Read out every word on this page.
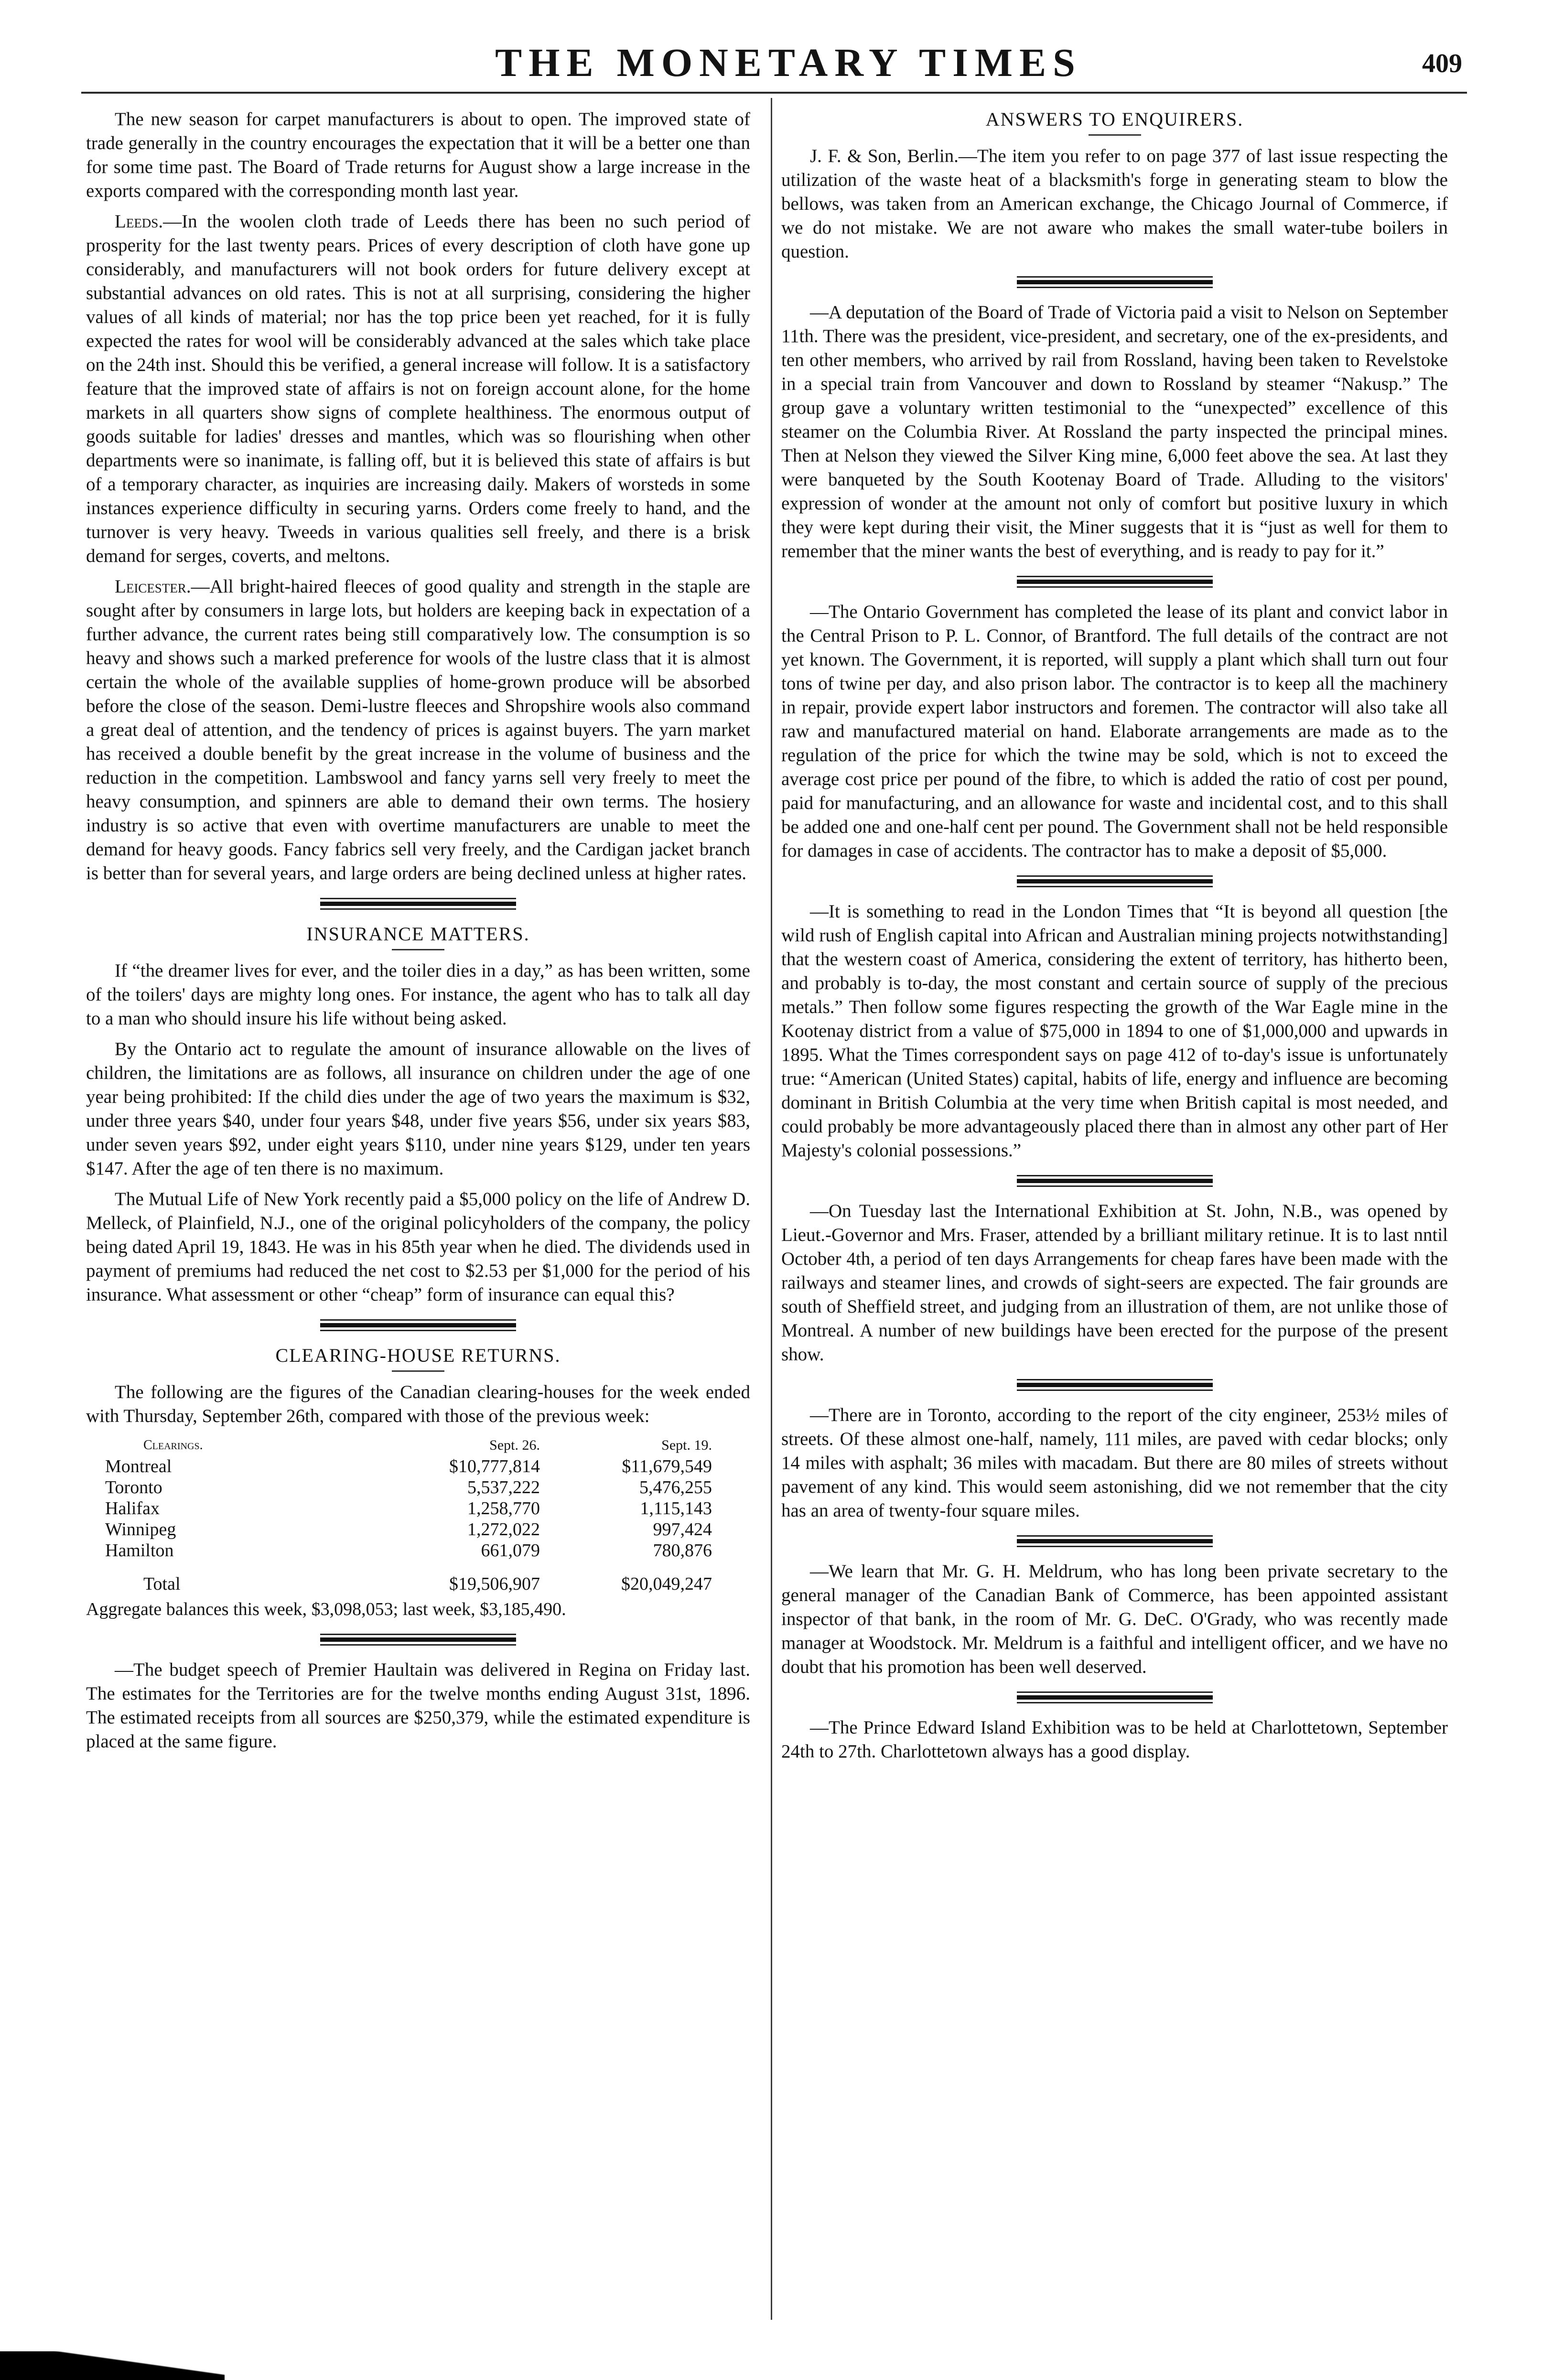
THE MONETARY TIMES	409

The new season for carpet manufacturers is about to open. The improved state of trade generally in the country encourages the expectation that it will be a better one than for some time past. The Board of Trade returns for August show a large increase in the exports compared with the corresponding month last year.

Leeds.—In the woolen cloth trade of Leeds there has been no such period of prosperity for the last twenty pears. Prices of every description of cloth have gone up considerably, and manufacturers will not book orders for future delivery except at substantial advances on old rates. This is not at all surprising, considering the higher values of all kinds of material; nor has the top price been yet reached, for it is fully expected the rates for wool will be considerably advanced at the sales which take place on the 24th inst. Should this be verified, a general increase will follow. It is a satisfactory feature that the improved state of affairs is not on foreign account alone, for the home markets in all quarters show signs of complete healthiness. The enormous output of goods suitable for ladies' dresses and mantles, which was so flourishing when other departments were so inanimate, is falling off, but it is believed this state of affairs is but of a temporary character, as inquiries are increasing daily. Makers of worsteds in some instances experience difficulty in securing yarns. Orders come freely to hand, and the turnover is very heavy. Tweeds in various qualities sell freely, and there is a brisk demand for serges, coverts, and meltons.

Leicester.—All bright-haired fleeces of good quality and strength in the staple are sought after by consumers in large lots, but holders are keeping back in expectation of a further advance, the current rates being still comparatively low. The consumption is so heavy and shows such a marked preference for wools of the lustre class that it is almost certain the whole of the available supplies of home-grown produce will be absorbed before the close of the season. Demi-lustre fleeces and Shropshire wools also command a great deal of attention, and the tendency of prices is against buyers. The yarn market has received a double benefit by the great increase in the volume of business and the reduction in the competition. Lambswool and fancy yarns sell very freely to meet the heavy consumption, and spinners are able to demand their own terms. The hosiery industry is so active that even with overtime manufacturers are unable to meet the demand for heavy goods. Fancy fabrics sell very freely, and the Cardigan jacket branch is better than for several years, and large orders are being declined unless at higher rates.

INSURANCE MATTERS.

If “the dreamer lives for ever, and the toiler dies in a day,” as has been written, some of the toilers' days are mighty long ones. For instance, the agent who has to talk all day to a man who should insure his life without being asked.

By the Ontario act to regulate the amount of insurance allowable on the lives of children, the limitations are as follows, all insurance on children under the age of one year being prohibited: If the child dies under the age of two years the maximum is $32, under three years $40, under four years $48, under five years $56, under six years $83, under seven years $92, under eight years $110, under nine years $129, under ten years $147. After the age of ten there is no maximum.

The Mutual Life of New York recently paid a $5,000 policy on the life of Andrew D. Melleck, of Plainfield, N.J., one of the original policyholders of the company, the policy being dated April 19, 1843. He was in his 85th year when he died. The dividends used in payment of premiums had reduced the net cost to $2.53 per $1,000 for the period of his insurance. What assessment or other “cheap” form of insurance can equal this?

CLEARING-HOUSE RETURNS.

The following are the figures of the Canadian clearing-houses for the week ended with Thursday, September 26th, compared with those of the previous week:

Clearings.	Sept. 26.	Sept. 19.
Montreal	$10,777,814	$11,679,549
Toronto	5,537,222	5,476,255
Halifax	1,258,770	1,115,143
Winnipeg	1,272,022	997,424
Hamilton	661,079	780,876
Total	$19,506,907	$20,049,247

Aggregate balances this week, $3,098,053; last week, $3,185,490.

—The budget speech of Premier Haultain was delivered in Regina on Friday last. The estimates for the Territories are for the twelve months ending August 31st, 1896. The estimated receipts from all sources are $250,379, while the estimated expenditure is placed at the same figure.

ANSWERS TO ENQUIRERS.

J. F. & Son, Berlin.—The item you refer to on page 377 of last issue respecting the utilization of the waste heat of a blacksmith's forge in generating steam to blow the bellows, was taken from an American exchange, the Chicago Journal of Commerce, if we do not mistake. We are not aware who makes the small water-tube boilers in question.

—A deputation of the Board of Trade of Victoria paid a visit to Nelson on September 11th. There was the president, vice-president, and secretary, one of the ex-presidents, and ten other members, who arrived by rail from Rossland, having been taken to Revelstoke in a special train from Vancouver and down to Rossland by steamer “Nakusp.” The group gave a voluntary written testimonial to the “unexpected” excellence of this steamer on the Columbia River. At Rossland the party inspected the principal mines. Then at Nelson they viewed the Silver King mine, 6,000 feet above the sea. At last they were banqueted by the South Kootenay Board of Trade. Alluding to the visitors' expression of wonder at the amount not only of comfort but positive luxury in which they were kept during their visit, the Miner suggests that it is “just as well for them to remember that the miner wants the best of everything, and is ready to pay for it.”

—The Ontario Government has completed the lease of its plant and convict labor in the Central Prison to P. L. Connor, of Brantford. The full details of the contract are not yet known. The Government, it is reported, will supply a plant which shall turn out four tons of twine per day, and also prison labor. The contractor is to keep all the machinery in repair, provide expert labor instructors and foremen. The contractor will also take all raw and manufactured material on hand. Elaborate arrangements are made as to the regulation of the price for which the twine may be sold, which is not to exceed the average cost price per pound of the fibre, to which is added the ratio of cost per pound, paid for manufacturing, and an allowance for waste and incidental cost, and to this shall be added one and one-half cent per pound. The Government shall not be held responsible for damages in case of accidents. The contractor has to make a deposit of $5,000.

—It is something to read in the London Times that “It is beyond all question [the wild rush of English capital into African and Australian mining projects notwithstanding] that the western coast of America, considering the extent of territory, has hitherto been, and probably is to-day, the most constant and certain source of supply of the precious metals.” Then follow some figures respecting the growth of the War Eagle mine in the Kootenay district from a value of $75,000 in 1894 to one of $1,000,000 and upwards in 1895. What the Times correspondent says on page 412 of to-day's issue is unfortunately true: “American (United States) capital, habits of life, energy and influence are becoming dominant in British Columbia at the very time when British capital is most needed, and could probably be more advantageously placed there than in almost any other part of Her Majesty's colonial possessions.”

—On Tuesday last the International Exhibition at St. John, N.B., was opened by Lieut.-Governor and Mrs. Fraser, attended by a brilliant military retinue. It is to last nntil October 4th, a period of ten days Arrangements for cheap fares have been made with the railways and steamer lines, and crowds of sight-seers are expected. The fair grounds are south of Sheffield street, and judging from an illustration of them, are not unlike those of Montreal. A number of new buildings have been erected for the purpose of the present show.

—There are in Toronto, according to the report of the city engineer, 253½ miles of streets. Of these almost one-half, namely, 111 miles, are paved with cedar blocks; only 14 miles with asphalt; 36 miles with macadam. But there are 80 miles of streets without pavement of any kind. This would seem astonishing, did we not remember that the city has an area of twenty-four square miles.

—We learn that Mr. G. H. Meldrum, who has long been private secretary to the general manager of the Canadian Bank of Commerce, has been appointed assistant inspector of that bank, in the room of Mr. G. DeC. O'Grady, who was recently made manager at Woodstock. Mr. Meldrum is a faithful and intelligent officer, and we have no doubt that his promotion has been well deserved.

—The Prince Edward Island Exhibition was to be held at Charlottetown, September 24th to 27th. Charlottetown always has a good display.
